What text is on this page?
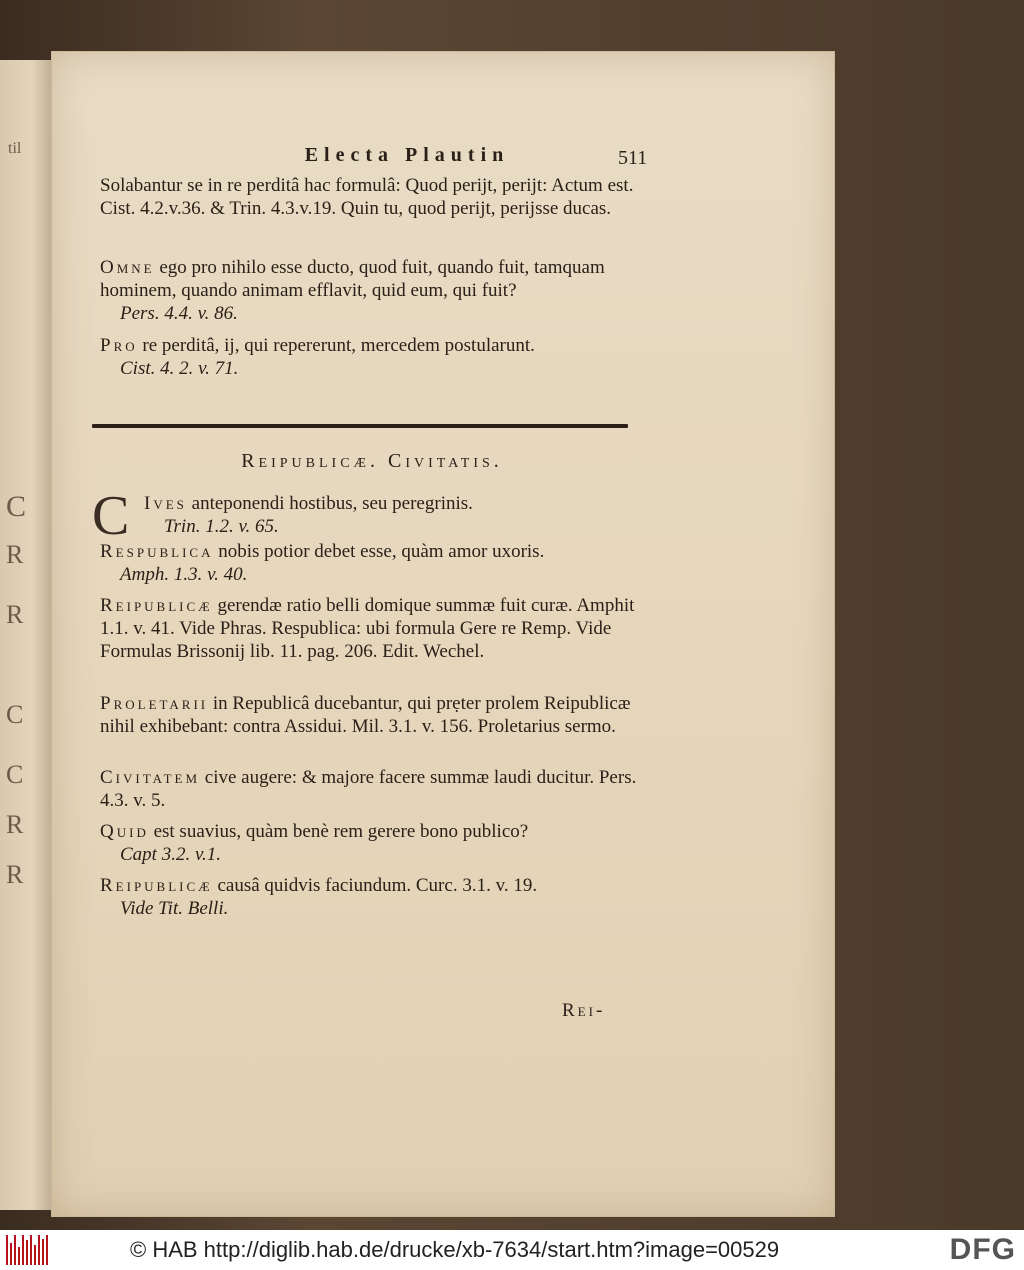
til
C
R
R
C
C
R
R
Electa Plautin	511
Solabantur se in re perditâ hac formulâ: Quod perijt, perijt: Actum est. Cist. 4.2.v.36. & Trin. 4.3.v.19. Quin tu, quod perijt, perijsse ducas.
Omne ego pro nihilo esse ducto, quod fuit, quando fuit, tamquam hominem, quando animam efflavit, quid eum, qui fuit?
Pers. 4.4. v. 86.
Pro re perditâ, ij, qui repererunt, mercedem postularunt.
Cist. 4. 2. v. 71.
Reipublicæ. Civitatis.
C Ives anteponendi hostibus, seu peregrinis.
Trin. 1.2. v. 65.
Respublica nobis potior debet esse, quàm amor uxoris.
Amph. 1.3. v. 40.
Reipublicæ gerendæ ratio belli domique summæ fuit curæ. Amphit 1.1. v. 41. Vide Phras. Respublica: ubi formula Gere re Remp. Vide Formulas Brissonij lib. 11. pag. 206. Edit. Wechel.
Proletarii in Republicâ ducebantur, qui prẹter prolem Reipublicæ nihil exhibebant: contra Assidui. Mil. 3.1. v. 156. Proletarius sermo.
Civitatem cive augere: & majore facere summæ laudi ducitur. Pers. 4.3. v. 5.
Quid est suavius, quàm benè rem gerere bono publico?
Capt 3.2. v.1.
Reipublicæ causâ quidvis faciundum. Curc. 3.1. v. 19.
Vide Tit. Belli.
Rei-
© HAB http://diglib.hab.de/drucke/xb-7634/start.htm?image=00529	DFG
